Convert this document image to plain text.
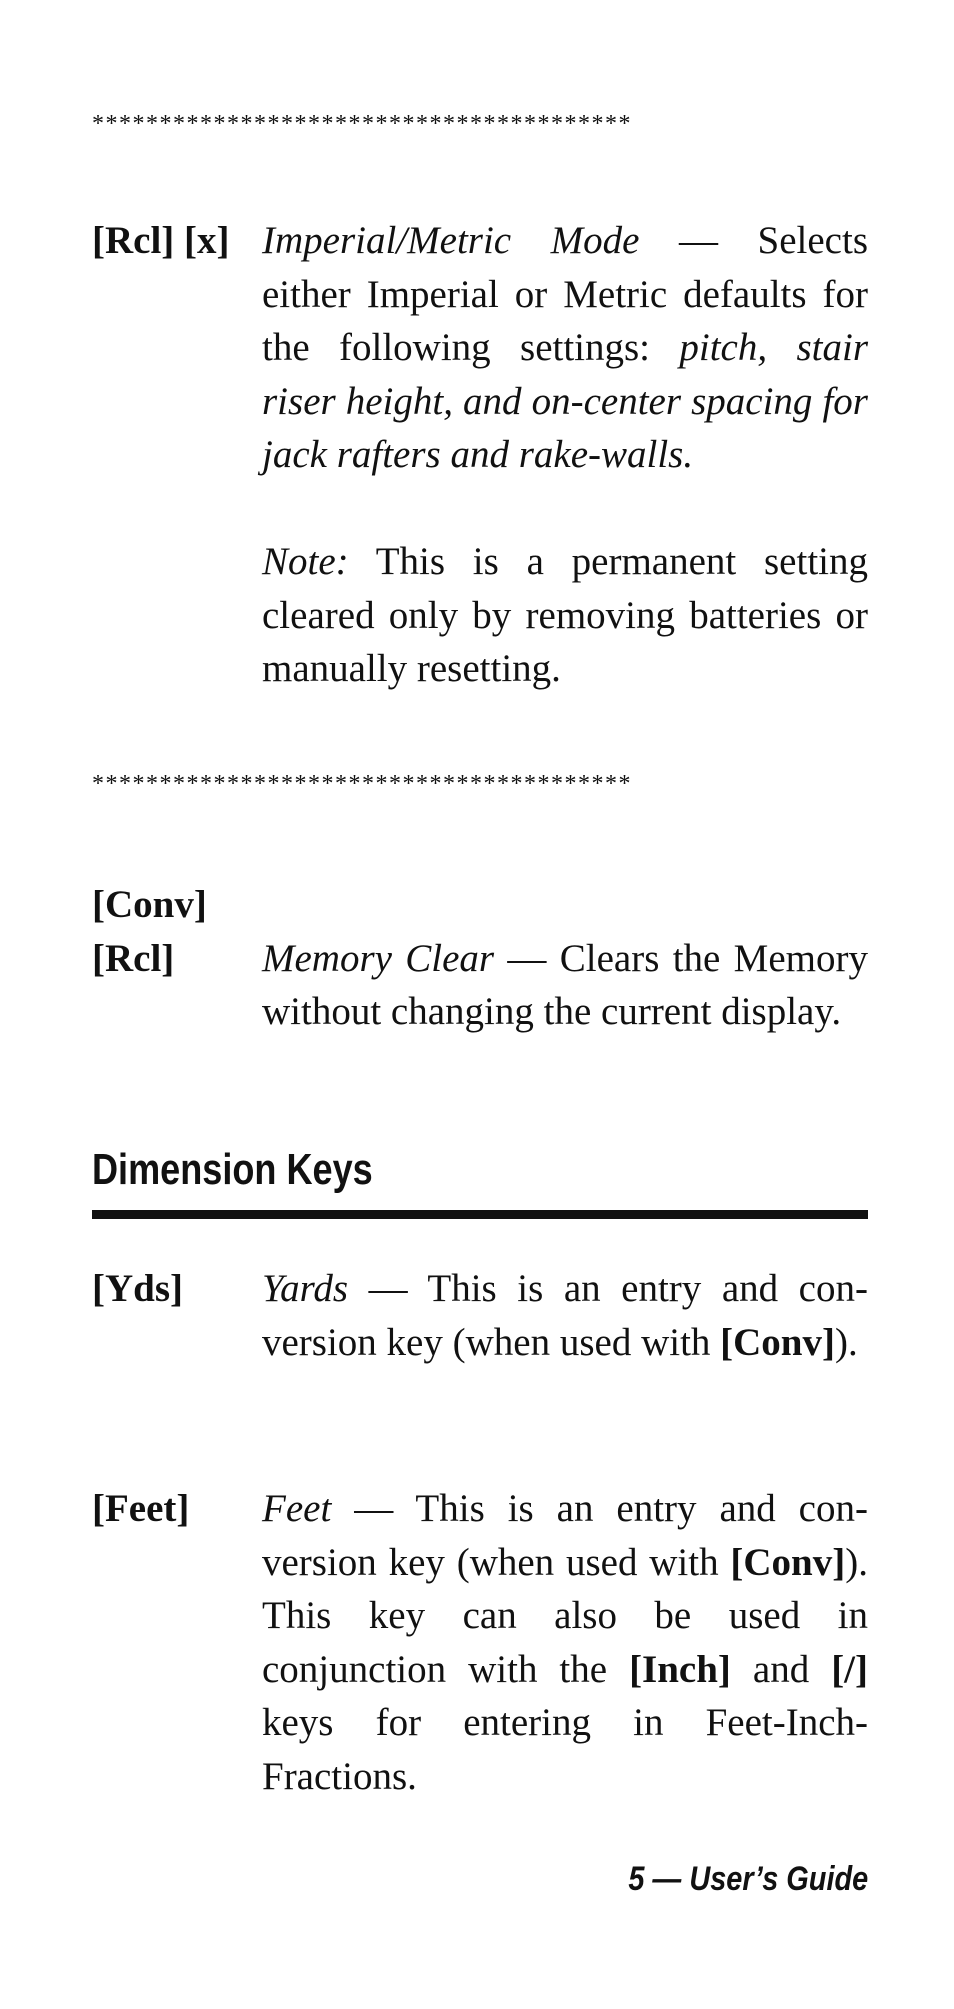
****************************************
[Rcl] [x] Imperial/Metric Mode — Selects either Imperial or Metric defaults for the following settings: pitch, stair riser height, and on-center spacing for jack rafters and rake-walls.

Note: This is a permanent setting cleared only by removing batteries or manually resetting.

****************************************
[Conv]
[Rcl] Memory Clear — Clears the Memory without changing the current display.

Dimension Keys
[Yds] Yards — This is an entry and conversion key (when used with [Conv]).

[Feet] Feet — This is an entry and conversion key (when used with [Conv]). This key can also be used in conjunction with the [Inch] and [/] keys for entering in Feet-Inch-Fractions.

5 — User’s Guide
